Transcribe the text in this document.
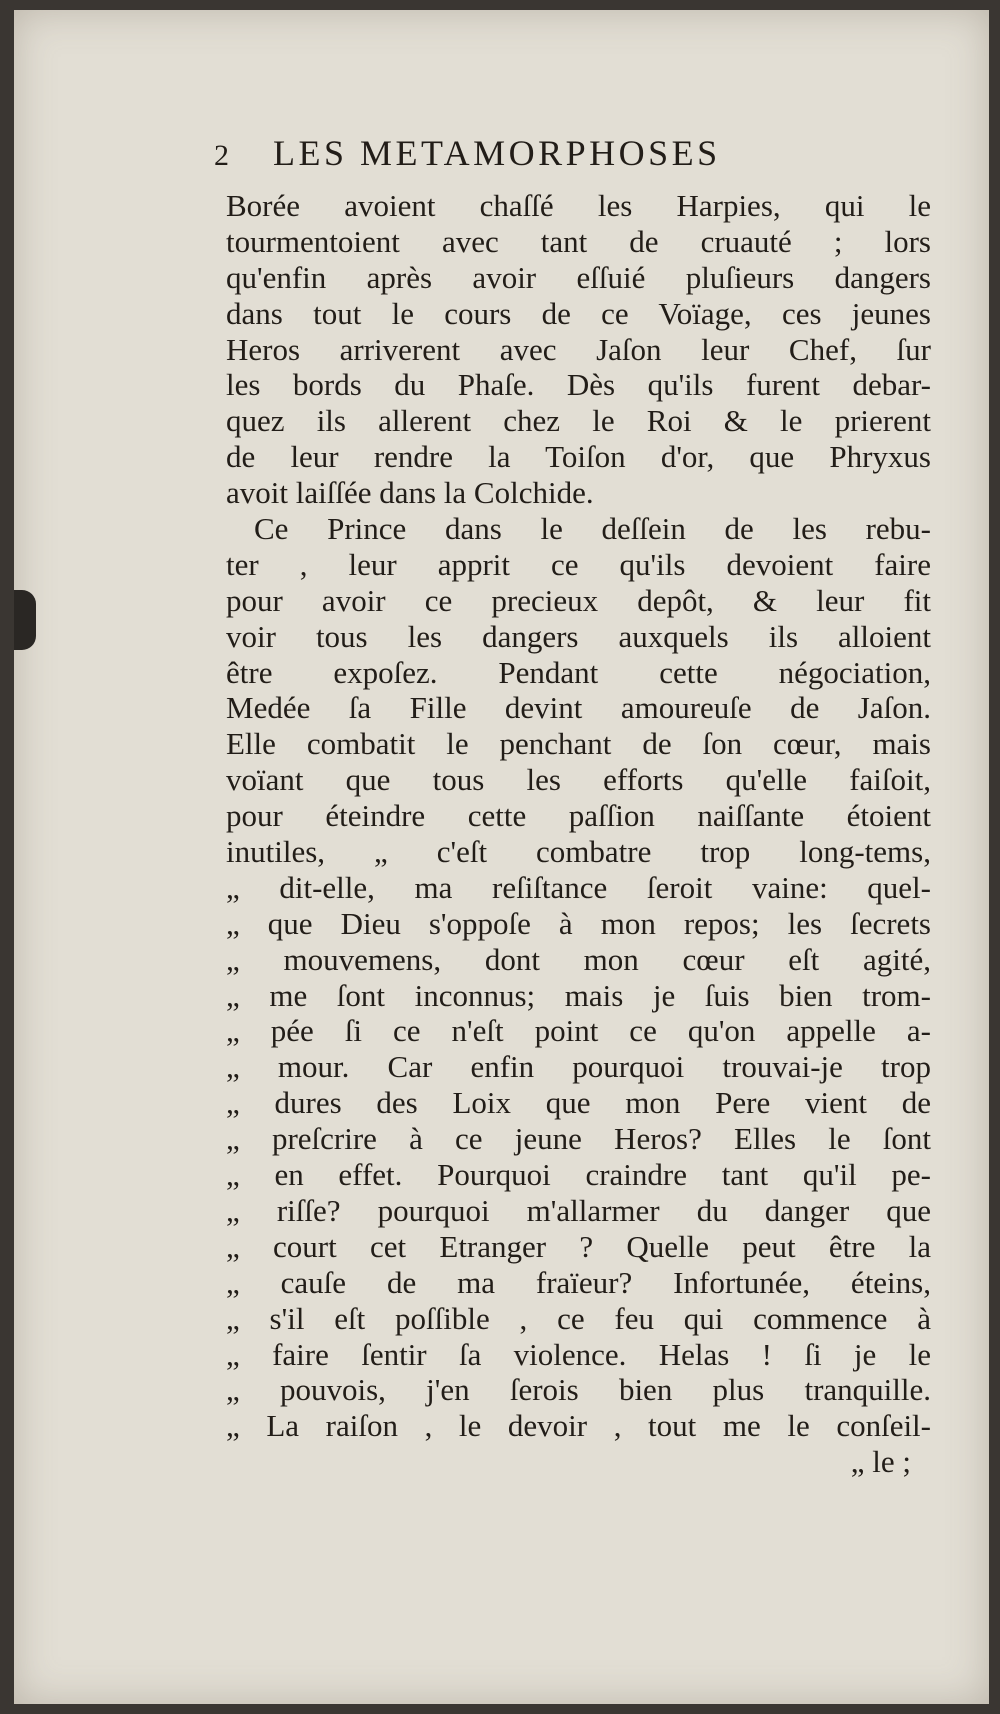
2 LES METAMORPHOSES
Borée avoient chaſſé les Harpies, qui le
tourmentoient avec tant de cruauté ; lors
qu'enfin après avoir eſſuié pluſieurs dangers
dans tout le cours de ce Voïage, ces jeunes
Heros arriverent avec Jaſon leur Chef, ſur
les bords du Phaſe. Dès qu'ils furent debar-
quez ils allerent chez le Roi & le prierent
de leur rendre la Toiſon d'or, que Phryxus
avoit laiſſée dans la Colchide.
Ce Prince dans le deſſein de les rebu-
ter , leur apprit ce qu'ils devoient faire
pour avoir ce precieux depôt, & leur fit
voir tous les dangers auxquels ils alloient
être expoſez. Pendant cette négociation,
Medée ſa Fille devint amoureuſe de Jaſon.
Elle combatit le penchant de ſon cœur, mais
voïant que tous les efforts qu'elle faiſoit,
pour éteindre cette paſſion naiſſante étoient
inutiles, „ c'eſt combatre trop long-tems,
„ dit-elle, ma reſiſtance ſeroit vaine: quel-
„ que Dieu s'oppoſe à mon repos; les ſecrets
„ mouvemens, dont mon cœur eſt agité,
„ me ſont inconnus; mais je ſuis bien trom-
„ pée ſi ce n'eſt point ce qu'on appelle a-
„ mour. Car enfin pourquoi trouvai-je trop
„ dures des Loix que mon Pere vient de
„ preſcrire à ce jeune Heros? Elles le ſont
„ en effet. Pourquoi craindre tant qu'il pe-
„ riſſe? pourquoi m'allarmer du danger que
„ court cet Etranger ? Quelle peut être la
„ cauſe de ma fraïeur? Infortunée, éteins,
„ s'il eſt poſſible , ce feu qui commence à
„ faire ſentir ſa violence. Helas ! ſi je le
„ pouvois, j'en ſerois bien plus tranquille.
„ La raiſon , le devoir , tout me le conſeil-
„ le ;
